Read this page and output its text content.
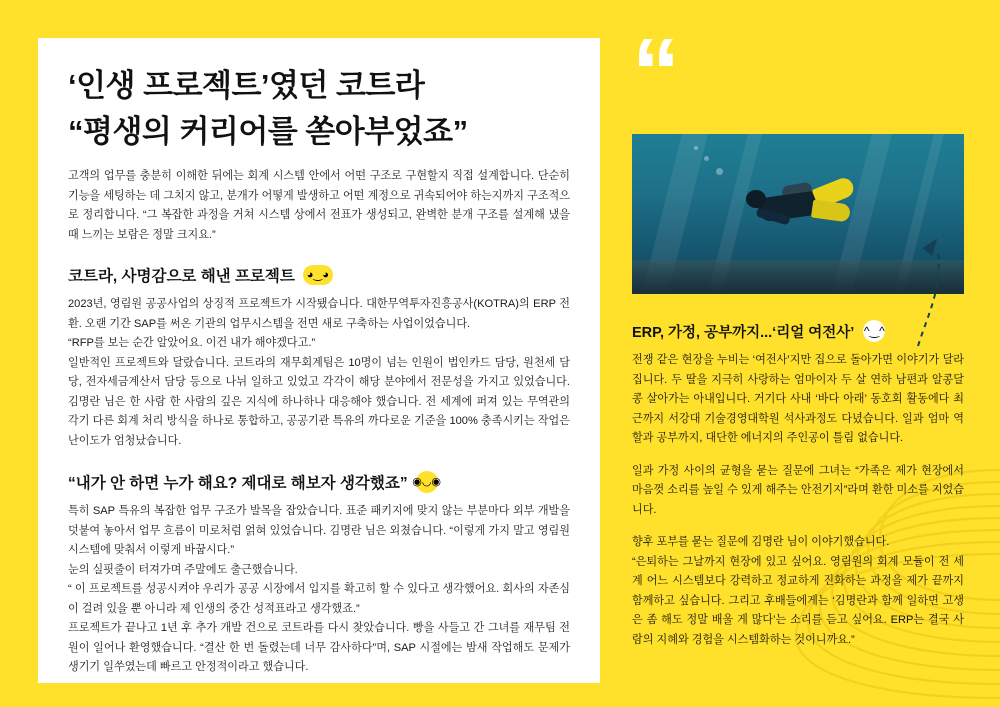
‘인생 프로젝트’였던 코트라
“평생의 커리어를 쏟아부었죠”

고객의 업무를 충분히 이해한 뒤에는 회계 시스템 안에서 어떤 구조로 구현할지 직접 설계합니다. 단순히 기능을 세팅하는 데 그치지 않고, 분개가 어떻게 발생하고 어떤 계정으로 귀속되어야 하는지까지 구조적으로 정리합니다. “그 복잡한 과정을 거쳐 시스템 상에서 전표가 생성되고, 완벽한 분개 구조를 설계해 냈을 때 느끼는 보람은 정말 크지요.”

코트라, 사명감으로 해낸 프로젝트	◕‿◕

2023년, 영림원 공공사업의 상징적 프로젝트가 시작됐습니다. 대한무역투자진흥공사(KOTRA)의 ERP 전환. 오랜 기간 SAP를 써온 기관의 업무시스템을 전면 새로 구축하는 사업이었습니다.

“RFP를 보는 순간 알았어요. 이건 내가 해야겠다고.”

일반적인 프로젝트와 달랐습니다. 코트라의 재무회계팀은 10명이 넘는 인원이 법인카드 담당, 원천세 담당, 전자세금계산서 담당 등으로 나뉘 일하고 있었고 각각이 해당 분야에서 전문성을 가지고 있었습니다. 김명란 님은 한 사람 한 사람의 깊은 지식에 하나하나 대응해야 했습니다. 전 세계에 퍼져 있는 무역관의 각기 다른 회계 처리 방식을 하나로 통합하고, 공공기관 특유의 까다로운 기준을 100% 충족시키는 작업은 난이도가 엄청났습니다.

“내가 안 하면 누가 해요? 제대로 해보자 생각했죠” ◉◡◉

특히 SAP 특유의 복잡한 업무 구조가 발목을 잡았습니다. 표준 패키지에 맞지 않는 부분마다 외부 개발을 덧붙여 놓아서 업무 흐름이 미로처럼 얽혀 있었습니다. 김명란 님은 외쳤습니다. “이렇게 가지 말고 영림원 시스템에 맞춰서 이렇게 바꿉시다.”

눈의 실핏줄이 터져가며 주말에도 출근했습니다.

“ 이 프로젝트를 성공시켜야 우리가 공공 시장에서 입지를 확고히 할 수 있다고 생각했어요. 회사의 자존심이 걸려 있을 뿐 아니라 제 인생의 중간 성적표라고 생각했죠.”

프로젝트가 끝나고 1년 후 추가 개발 건으로 코트라를 다시 찾았습니다. 빵을 사들고 간 그녀를 재무팀 전원이 일어나 환영했습니다. “결산 한 번 돌렸는데 너무 감사하다”며, SAP 시절에는 밤새 작업해도 문제가 생기기 일쑤였는데 빠르고 안정적이라고 했습니다.

“
ERP, 가정, 공부까지...‘리얼 여전사’ ^‿^

전쟁 같은 현장을 누비는 ‘여전사’지만 집으로 돌아가면 이야기가 달라집니다. 두 딸을 지극히 사랑하는 엄마이자 두 살 연하 남편과 알콩달콩 살아가는 아내입니다. 거기다 사내 ‘바다 아래’ 동호회 활동에다 최근까지 서강대 기술경영대학원 석사과정도 다녔습니다. 일과 엄마 역할과 공부까지, 대단한 에너지의 주인공이 틀림 없습니다.

일과 가정 사이의 균형을 묻는 질문에 그녀는 “가족은 제가 현장에서 마음껏 소리를 높일 수 있게 해주는 안전기지”라며 환한 미소를 지었습니다.

향후 포부를 묻는 질문에 김명란 님이 이야기했습니다.

“은퇴하는 그날까지 현장에 있고 싶어요. 영림원의 회계 모듈이 전 세계 어느 시스템보다 강력하고 정교하게 진화하는 과정을 제가 끝까지 함께하고 싶습니다. 그리고 후배들에게는 ‘김명란과 함께 일하면 고생은 좀 해도 정말 배울 게 많다’는 소리를 듣고 싶어요. ERP는 결국 사람의 지혜와 경험을 시스템화하는 것이니까요.”
